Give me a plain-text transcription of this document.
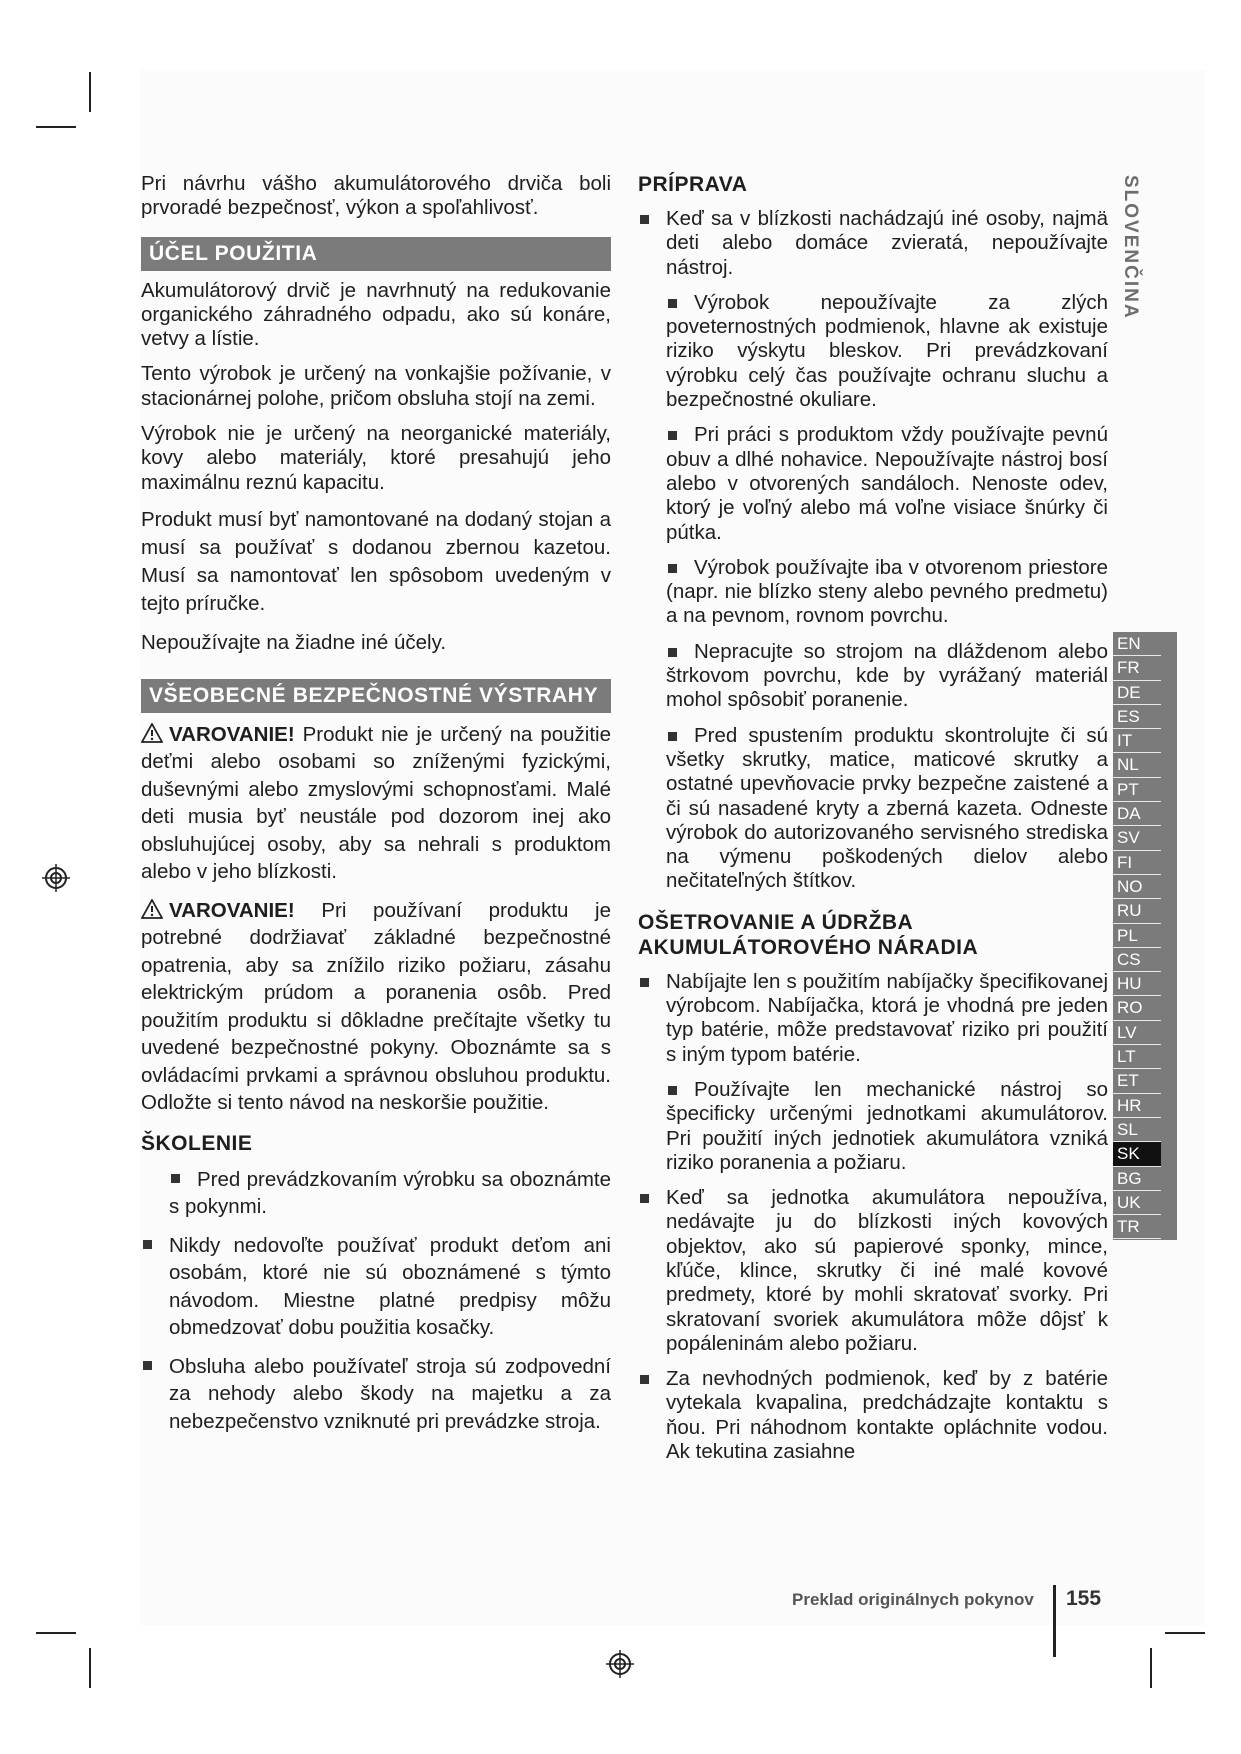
Pri návrhu vášho akumulátorového drviča boli prvoradé bezpečnosť, výkon a spoľahlivosť.

ÚČEL POUŽITIA

Akumulátorový drvič je navrhnutý na redukovanie organického záhradného odpadu, ako sú konáre, vetvy a lístie.

Tento výrobok je určený na vonkajšie požívanie, v stacionárnej polohe, pričom obsluha stojí na zemi.

Výrobok nie je určený na neorganické materiály, kovy alebo materiály, ktoré presahujú jeho maximálnu reznú kapacitu.

Produkt musí byť namontované na dodaný stojan a musí sa používať s dodanou zbernou kazetou. Musí sa namontovať len spôsobom uvedeným v tejto príručke.

Nepoužívajte na žiadne iné účely.

VŠEOBECNÉ BEZPEČNOSTNÉ VÝSTRAHY

VAROVANIE! Produkt nie je určený na použitie deťmi alebo osobami so zníženými fyzickými, duševnými alebo zmyslovými schopnosťami. Malé deti musia byť neustále pod dozorom inej ako obsluhujúcej osoby, aby sa nehrali s produktom alebo v jeho blízkosti.

VAROVANIE! Pri používaní produktu je potrebné dodržiavať základné bezpečnostné opatrenia, aby sa znížilo riziko požiaru, zásahu elektrickým prúdom a poranenia osôb. Pred použitím produktu si dôkladne prečítajte všetky tu uvedené bezpečnostné pokyny. Oboznámte sa s ovládacími prvkami a správnou obsluhou produktu. Odložte si tento návod na neskoršie použitie.

ŠKOLENIE
Pred prevádzkovaním výrobku sa oboznámte s pokynmi.
Nikdy nedovoľte používať produkt deťom ani osobám, ktoré nie sú oboznámené s týmto návodom. Miestne platné predpisy môžu obmedzovať dobu použitia kosačky.
Obsluha alebo používateľ stroja sú zodpovední za nehody alebo škody na majetku a za nebezpečenstvo vzniknuté pri prevádzke stroja.
PRÍPRAVA
Keď sa v blízkosti nachádzajú iné osoby, najmä deti alebo domáce zvieratá, nepoužívajte nástroj.
Výrobok nepoužívajte za zlých poveternostných podmienok, hlavne ak existuje riziko výskytu bleskov. Pri prevádzkovaní výrobku celý čas používajte ochranu sluchu a bezpečnostné okuliare.
Pri práci s produktom vždy používajte pevnú obuv a dlhé nohavice. Nepoužívajte nástroj bosí alebo v otvorených sandáloch. Nenoste odev, ktorý je voľný alebo má voľne visiace šnúrky či pútka.
Výrobok používajte iba v otvorenom priestore (napr. nie blízko steny alebo pevného predmetu) a na pevnom, rovnom povrchu.
Nepracujte so strojom na dláždenom alebo štrkovom povrchu, kde by vyrážaný materiál mohol spôsobiť poranenie.
Pred spustením produktu skontrolujte či sú všetky skrutky, matice, maticové skrutky a ostatné upevňovacie prvky bezpečne zaistené a či sú nasadené kryty a zberná kazeta. Odneste výrobok do autorizovaného servisného strediska na výmenu poškodených dielov alebo nečitateľných štítkov.
OŠETROVANIE A ÚDRŽBA AKUMULÁTOROVÉHO NÁRADIA
Nabíjajte len s použitím nabíjačky špecifikovanej výrobcom. Nabíjačka, ktorá je vhodná pre jeden typ batérie, môže predstavovať riziko pri použití s iným typom batérie.
Používajte len mechanické nástroj so špecificky určenými jednotkami akumulátorov. Pri použití iných jednotiek akumulátora vzniká riziko poranenia a požiaru.
Keď sa jednotka akumulátora nepoužíva, nedávajte ju do blízkosti iných kovových objektov, ako sú papierové sponky, mince, kľúče, klince, skrutky či iné malé kovové predmety, ktoré by mohli skratovať svorky. Pri skratovaní svoriek akumulátora môže dôjsť k popáleninám alebo požiaru.
Za nevhodných podmienok, keď by z batérie vytekala kvapalina, predchádzajte kontaktu s ňou. Pri náhodnom kontakte opláchnite vodou. Ak tekutina zasiahne
SLOVENČINA
EN
FR
DE
ES
IT
NL
PT
DA
SV
FI
NO
RU
PL
CS
HU
RO
LV
LT
ET
HR
SL
SK
BG
UK
TR
Preklad originálnych pokynov 155
